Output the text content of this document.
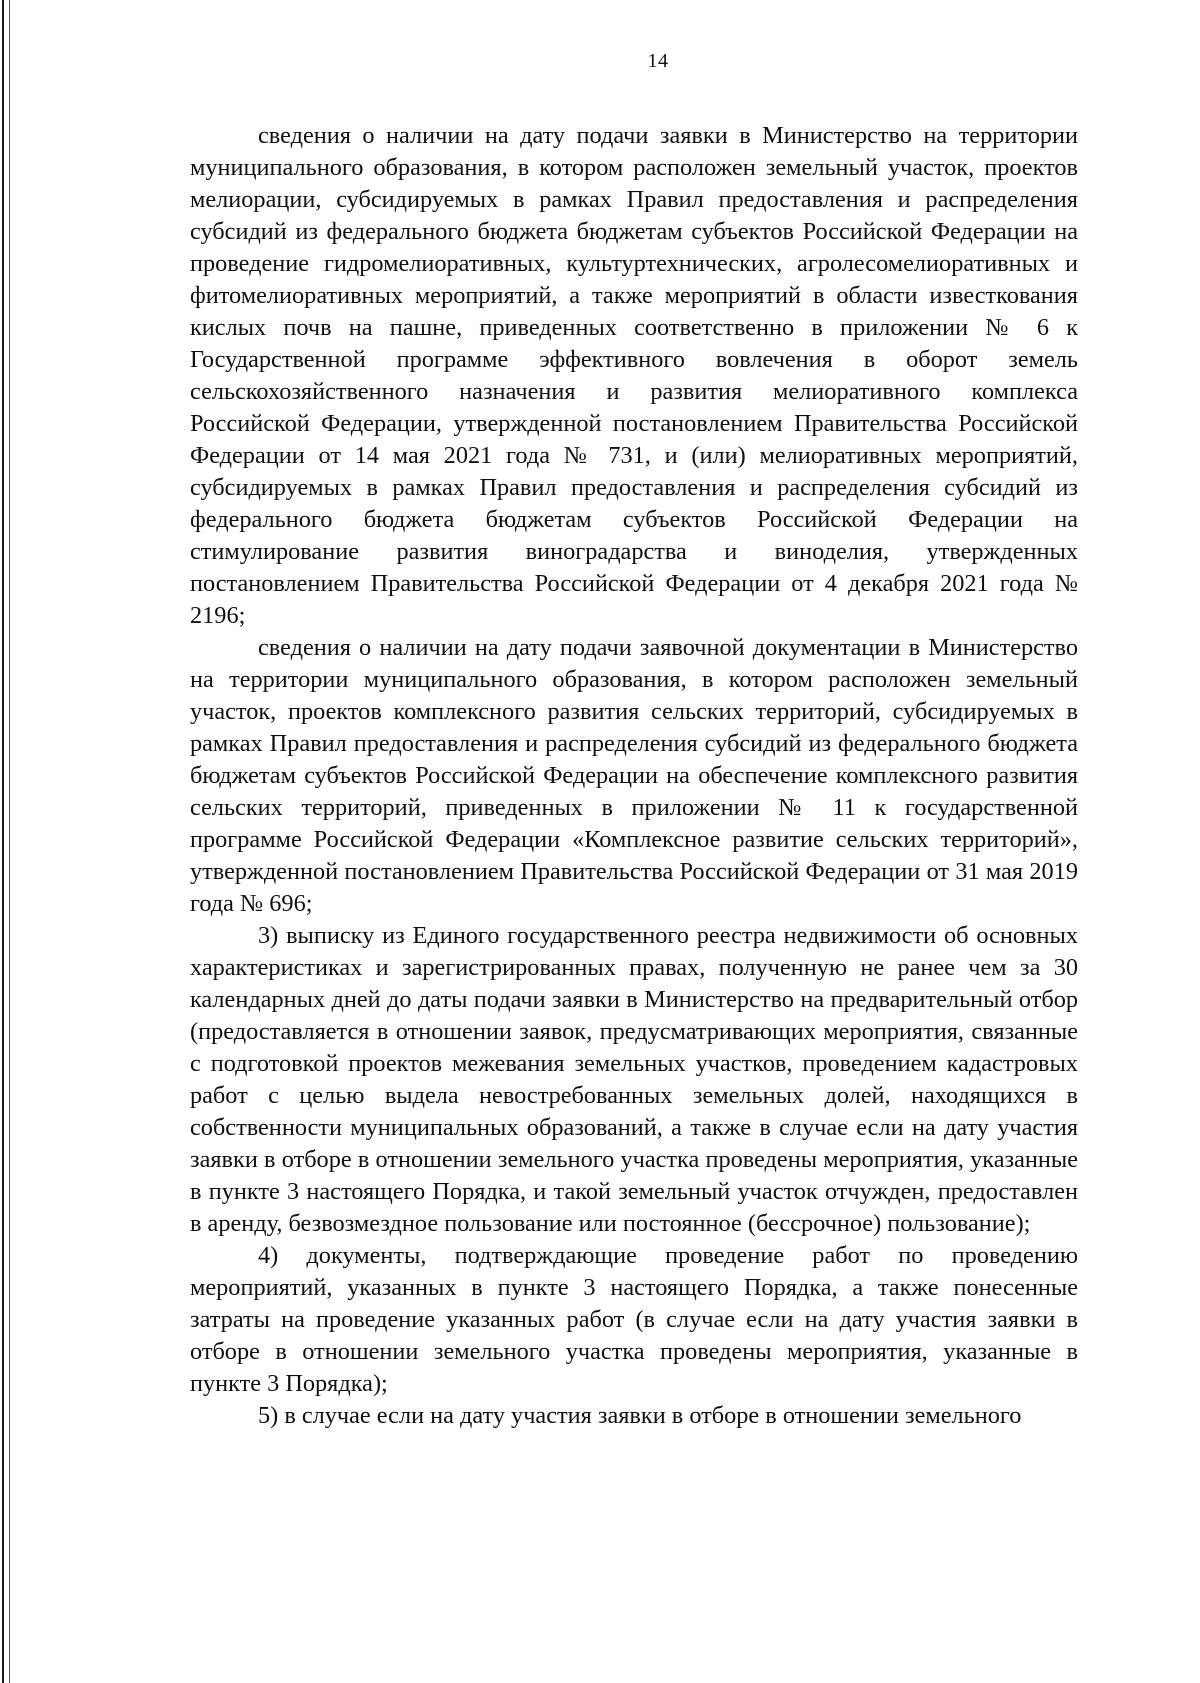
14

сведения о наличии на дату подачи заявки в Министерство на территории муниципального образования, в котором расположен земельный участок, проектов мелиорации, субсидируемых в рамках Правил предоставления и распределения субсидий из федерального бюджета бюджетам субъектов Российской Федерации на проведение гидромелиоративных, культуртехнических, агролесомелиоративных и фитомелиоративных мероприятий, а также мероприятий в области известкования кислых почв на пашне, приведенных соответственно в приложении № 6 к Государственной программе эффективного вовлечения в оборот земель сельскохозяйственного назначения и развития мелиоративного комплекса Российской Федерации, утвержденной постановлением Правительства Российской Федерации от 14 мая 2021 года № 731, и (или) мелиоративных мероприятий, субсидируемых в рамках Правил предоставления и распределения субсидий из федерального бюджета бюджетам субъектов Российской Федерации на стимулирование развития виноградарства и виноделия, утвержденных постановлением Правительства Российской Федерации от 4 декабря 2021 года № 2196;

сведения о наличии на дату подачи заявочной документации в Министерство на территории муниципального образования, в котором расположен земельный участок, проектов комплексного развития сельских территорий, субсидируемых в рамках Правил предоставления и распределения субсидий из федерального бюджета бюджетам субъектов Российской Федерации на обеспечение комплексного развития сельских территорий, приведенных в приложении № 11 к государственной программе Российской Федерации «Комплексное развитие сельских территорий», утвержденной постановлением Правительства Российской Федерации от 31 мая 2019 года № 696;

3) выписку из Единого государственного реестра недвижимости об основных характеристиках и зарегистрированных правах, полученную не ранее чем за 30 календарных дней до даты подачи заявки в Министерство на предварительный отбор (предоставляется в отношении заявок, предусматривающих мероприятия, связанные с подготовкой проектов межевания земельных участков, проведением кадастровых работ с целью выдела невостребованных земельных долей, находящихся в собственности муниципальных образований, а также в случае если на дату участия заявки в отборе в отношении земельного участка проведены мероприятия, указанные в пункте 3 настоящего Порядка, и такой земельный участок отчужден, предоставлен в аренду, безвозмездное пользование или постоянное (бессрочное) пользование);

4) документы, подтверждающие проведение работ по проведению мероприятий, указанных в пункте 3 настоящего Порядка, а также понесенные затраты на проведение указанных работ (в случае если на дату участия заявки в отборе в отношении земельного участка проведены мероприятия, указанные в пункте 3 Порядка);

5) в случае если на дату участия заявки в отборе в отношении земельного
